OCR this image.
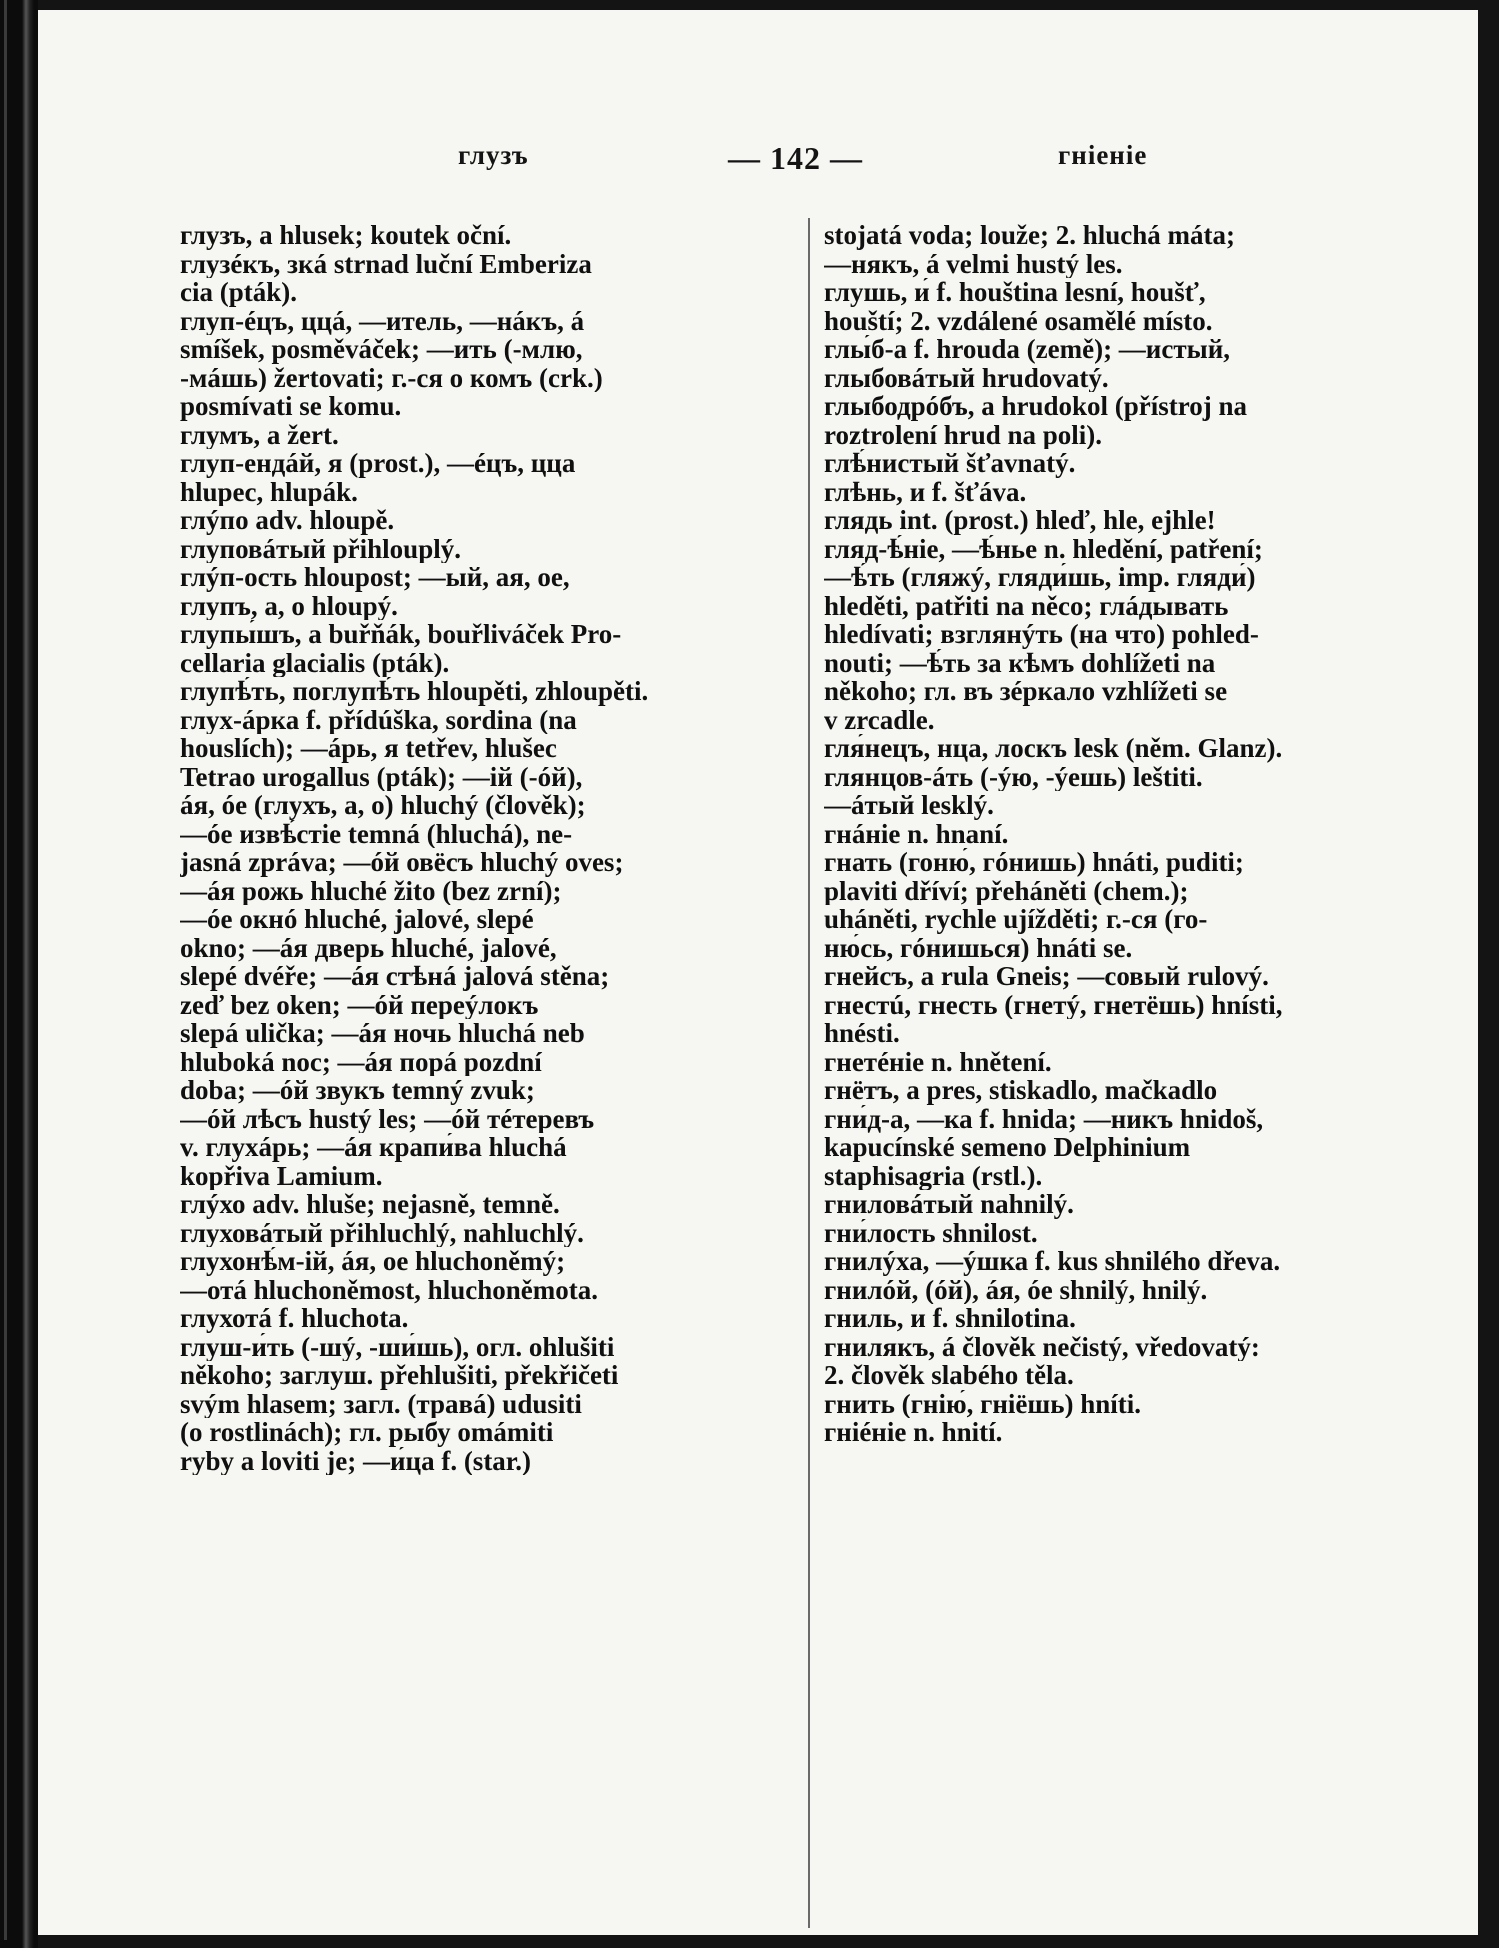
глузъ	— 142 —	гніеніе
глузъ, а hlusek; koutek oční.
глузéкъ, зкá strnad luční Emberiza
cia (pták).
глуп-éцъ, ццá, —итель, —нáкъ, á
smíšek, posměváček; —ить (-млю,
-мáшь) žertovati; г.-ся о комъ (crk.)
posmívati se komu.
глумъ, а žert.
глуп-ендáй, я (prost.), —éцъ, цца
hlupec, hlupák.
глýпо adv. hloupě.
глуповáтый přihlouplý.
глýп-ость hloupost; —ый, ая, ое,
глупъ, а, о hloupý.
глупы́шъ, а buřňák, bouřliváček Pro-
cellaria glacialis (pták).
глупѣ́ть, поглупѣ́ть hloupěti, zhloupěti.
глух-áрка f. přídúška, sordina (na
houslích); —áрь, я tetřev, hlušec
Tetrao urogallus (pták); —ій (-óй),
áя, óе (глухъ, а, о) hluchý (člověk);
—óе извѣ́стіе temná (hluchá), ne-
jasná zpráva; —óй овёсъ hluchý oves;
—áя рожь hluché žito (bez zrní);
—óе окнó hluché, jalové, slepé
okno; —áя дверь hluché, jalové,
slepé dvéře; —áя стѣнá jalová stěna;
zeď bez oken; —óй переýлокъ
slepá ulička; —áя ночь hluchá neb
hluboká noc; —áя порá pozdní
doba; —óй звукъ temný zvuk;
—óй лѣсъ hustý les; —óй тéтеревъ
v. глухáрь; —áя крапи́ва hluchá
kopřiva Lamium.
глýхо adv. hluše; nejasně, temně.
глуховáтый přihluchlý, nahluchlý.
глухонѣ́м-ій, áя, ое hluchoněmý;
—отá hluchoněmost, hluchoněmota.
глухотá f. hluchota.
глуш-и́ть (-шý, -ши́шь), огл. ohlušiti
někoho; заглуш. přehlušiti, překřičeti
svým hlasem; загл. (травá) udusiti
(o rostlinách); гл. рыбу omámiti
ryby a loviti je; —и́ца f. (star.)
stojatá voda; louže; 2. hluchá máta;
—някъ, á velmi hustý les.
глушь, и́ f. houština lesní, houšť,
houští; 2. vzdálené osamělé místo.
глы́б-а f. hrouda (země); —истый,
глыбовáтый hrudovatý.
глыбодрóбъ, а hrudokol (přístroj na
roztrolení hrud na poli).
глѣ́нистый šťavnatý.
глѣнь, и f. šťáva.
глядь int. (prost.) hleď, hle, ejhle!
гляд-ѣ́ніе, —ѣ́нье n. hledění, patření;
—ѣ́ть (гляжý, гляди́шь, imp. гляди́)
hleděti, patřiti na něco; глáдывать
hledívati; взглянýть (на что) pohled-
nouti; —ѣ́ть за кѣмъ dohlížeti na
někoho; гл. въ зéркало vzhlížeti se
v zrcadle.
гля́нецъ, нца, лоскъ lesk (něm. Glanz).
глянцов-áть (-ýю, -ýешь) leštiti.
—áтый lesklý.
гнáніе n. hnaní.
гнать (гоню́, гóнишь) hnáti, puditi;
plaviti dříví; přeháněti (chem.);
uháněti, rychle ujížděti; г.-ся (го-
ню́сь, гóнишься) hnáti se.
гнейсъ, а rula Gneis; —совый rulový.
гнестú, гнесть (гнетý, гнетёшь) hnísti,
hnésti.
гнетéніе n. hnětení.
гнётъ, а pres, stiskadlo, mačkadlo
гни́д-а, —ка f. hnida; —никъ hnidoš,
kapucínské semeno Delphinium
staphisagria (rstl.).
гниловáтый nahnilý.
гни́лость shnilost.
гнилýха, —ýшка f. kus shnilého dřeva.
гнилóй, (óй), áя, óе shnilý, hnilý.
гниль, и f. shnilotina.
гнилякъ, á člověk nečistý, vředovatý:
2. člověk slabého těla.
гнить (гнію́, гніёшь) hníti.
гніéніе n. hnití.
